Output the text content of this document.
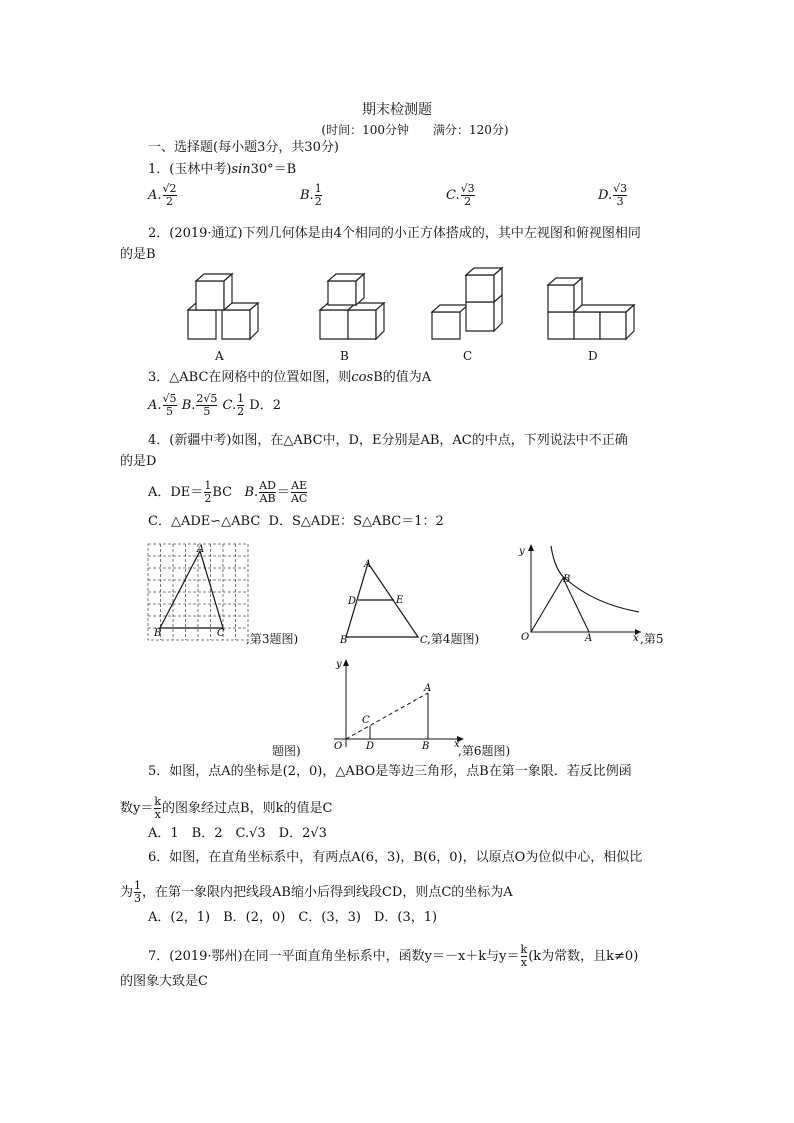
期末检测题
(时间：100分钟　　满分：120分)
一、选择题(每小题3分，共30分)
1．(玉林中考)sin30°＝B
A. $\frac{√2}{2}$	B. $\frac{1}{2}$	C. $\frac{√3}{2}$	D. $\frac{√3}{3}$
2．(2019·通辽)下列几何体是由4个相同的小正方体搭成的，其中左视图和俯视图相同
的是B
A	B	C	D
3．△ABC在网格中的位置如图，则cosB的值为A
A. $\frac{√5}{5} B$. $\frac{2√5}{5} C$. $\frac{1}{2}$ D．2
4．(新疆中考)如图，在△ABC中，D，E分别是AB，AC的中点，下列说法中不正确
的是D
A．$DE= \frac{1}{2}$ BC B. $\frac{AD}{AB} = \frac{AE}{AC}$
C．△ADE∽△ABC D．S△ADE：S△ABC＝1：2
A
B	C ,第3题图)
A
D	E
B	C ,第4题图)
y
B
O	A	x ,第5
题图)
y
A
C
O D	B x
,第6题图)
5．如图，点A的坐标是(2，0)，△ABO是等边三角形，点B在第一象限．若反比例函
数$y= \frac{k}{x}$ 的图象经过点B，则k的值是C
A．1　B．2　C.√3　D．2√3
6．如图，在直角坐标系中，有两点A(6，3)，B(6，0)，以原点O为位似中心，相似比
为 $\frac{1}{3}$ ，在第一象限内把线段AB缩小后得到线段CD，则点C的坐标为A
A．(2，1)　B．(2，0)　C．(3，3)　D．(3，1)
7．(2019·鄂州)在同一平面直角坐标系中，函数y＝－x＋k与$y= \frac{k}{x} (k$为常数，且k≠0)
的图象大致是C
